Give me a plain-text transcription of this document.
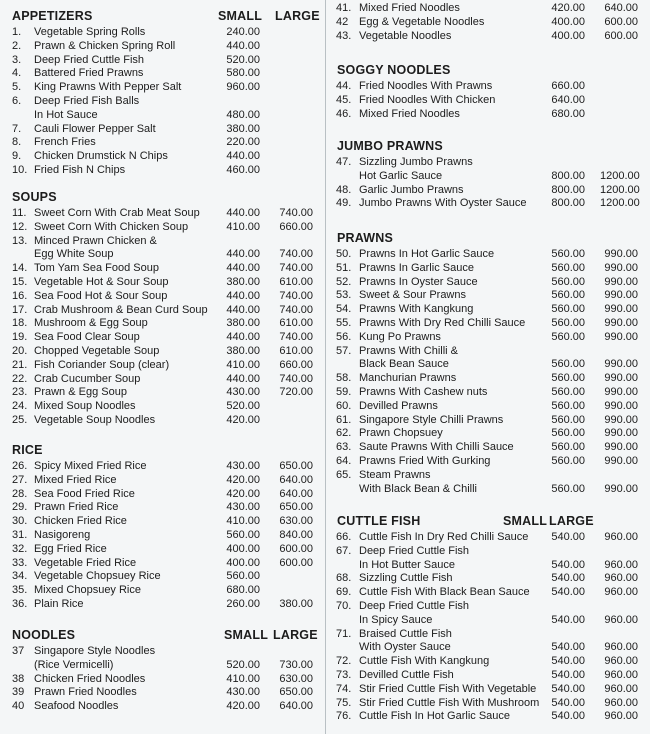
APPETIZERS	SMALL LARGE
1. Vegetable Spring Rolls	240.00
2. Prawn & Chicken Spring Roll	440.00
3. Deep Fried Cuttle Fish	520.00
4. Battered Fried Prawns	580.00
5. King Prawns With Pepper Salt	960.00
6. Deep Fried Fish Balls
In Hot Sauce	480.00
7. Cauli Flower Pepper Salt	380.00
8. French Fries	220.00
9. Chicken Drumstick N Chips	440.00
10. Fried Fish N Chips	460.00
SOUPS
11. Sweet Corn With Crab Meat Soup	440.00	740.00
12. Sweet Corn With Chicken Soup	410.00	660.00
13. Minced Prawn Chicken &
Egg White Soup	440.00	740.00
14. Tom Yam Sea Food Soup	440.00	740.00
15. Vegetable Hot & Sour Soup	380.00	610.00
16. Sea Food Hot & Sour Soup	440.00	740.00
17. Crab Mushroom & Bean Curd Soup	440.00	740.00
18. Mushroom & Egg Soup	380.00	610.00
19. Sea Food Clear Soup	440.00	740.00
20. Chopped Vegetable Soup	380.00	610.00
21. Fish Coriander Soup (clear)	410.00	660.00
22. Crab Cucumber Soup	440.00	740.00
23. Prawn & Egg Soup	430.00	720.00
24. Mixed Soup Noodles	520.00
25. Vegetable Soup Noodles	420.00
RICE
26. Spicy Mixed Fried Rice	430.00	650.00
27. Mixed Fried Rice	420.00	640.00
28. Sea Food Fried Rice	420.00	640.00
29. Prawn Fried Rice	430.00	650.00
30. Chicken Fried Rice	410.00	630.00
31. Nasigoreng	560.00	840.00
32. Egg Fried Rice	400.00	600.00
33. Vegetable Fried Rice	400.00	600.00
34. Vegetable Chopsuey Rice	560.00
35. Mixed Chopsuey Rice	680.00
36. Plain Rice	260.00	380.00
NOODLES	SMALL LARGE
37 Singapore Style Noodles
(Rice Vermicelli)	520.00	730.00
38 Chicken Fried Noodles	410.00	630.00
39 Prawn Fried Noodles	430.00	650.00
40 Seafood Noodles	420.00	640.00
41. Mixed Fried Noodles	420.00	640.00
42 Egg & Vegetable Noodles	400.00	600.00
43. Vegetable Noodles	400.00	600.00
SOGGY NOODLES
44. Fried Noodles With Prawns	660.00
45. Fried Noodles With Chicken	640.00
46. Mixed Fried Noodles	680.00
JUMBO PRAWNS
47. Sizzling Jumbo Prawns
Hot Garlic Sauce	800.00 1200.00
48. Garlic Jumbo Prawns	800.00 1200.00
49. Jumbo Prawns With Oyster Sauce	800.00 1200.00
PRAWNS
50. Prawns In Hot Garlic Sauce	560.00	990.00
51. Prawns In Garlic Sauce	560.00	990.00
52. Prawns In Oyster Sauce	560.00	990.00
53. Sweet & Sour Prawns	560.00	990.00
54. Prawns With Kangkung	560.00	990.00
55. Prawns With Dry Red Chilli Sauce	560.00	990.00
56. Kung Po Prawns	560.00	990.00
57. Prawns With Chilli &
Black Bean Sauce	560.00	990.00
58. Manchurian Prawns	560.00	990.00
59. Prawns With Cashew nuts	560.00	990.00
60. Devilled Prawns	560.00	990.00
61. Singapore Style Chilli Prawns	560.00	990.00
62. Prawn Chopsuey	560.00	990.00
63. Saute Prawns With Chilli Sauce	560.00	990.00
64. Prawns Fried With Gurking	560.00	990.00
65. Steam Prawns
With Black Bean & Chilli	560.00	990.00
CUTTLE FISH	SMALL LARGE
66. Cuttle Fish In Dry Red Chilli Sauce	540.00	960.00
67. Deep Fried Cuttle Fish
In Hot Butter Sauce	540.00	960.00
68. Sizzling Cuttle Fish	540.00	960.00
69. Cuttle Fish With Black Bean Sauce	540.00	960.00
70. Deep Fried Cuttle Fish
In Spicy Sauce	540.00	960.00
71. Braised Cuttle Fish
With Oyster Sauce	540.00	960.00
72. Cuttle Fish With Kangkung	540.00	960.00
73. Devilled Cuttle Fish	540.00	960.00
74. Stir Fried Cuttle Fish With Vegetable	540.00	960.00
75. Stir Fried Cuttle Fish With Mushroom	540.00	960.00
76. Cuttle Fish In Hot Garlic Sauce	540.00	960.00
